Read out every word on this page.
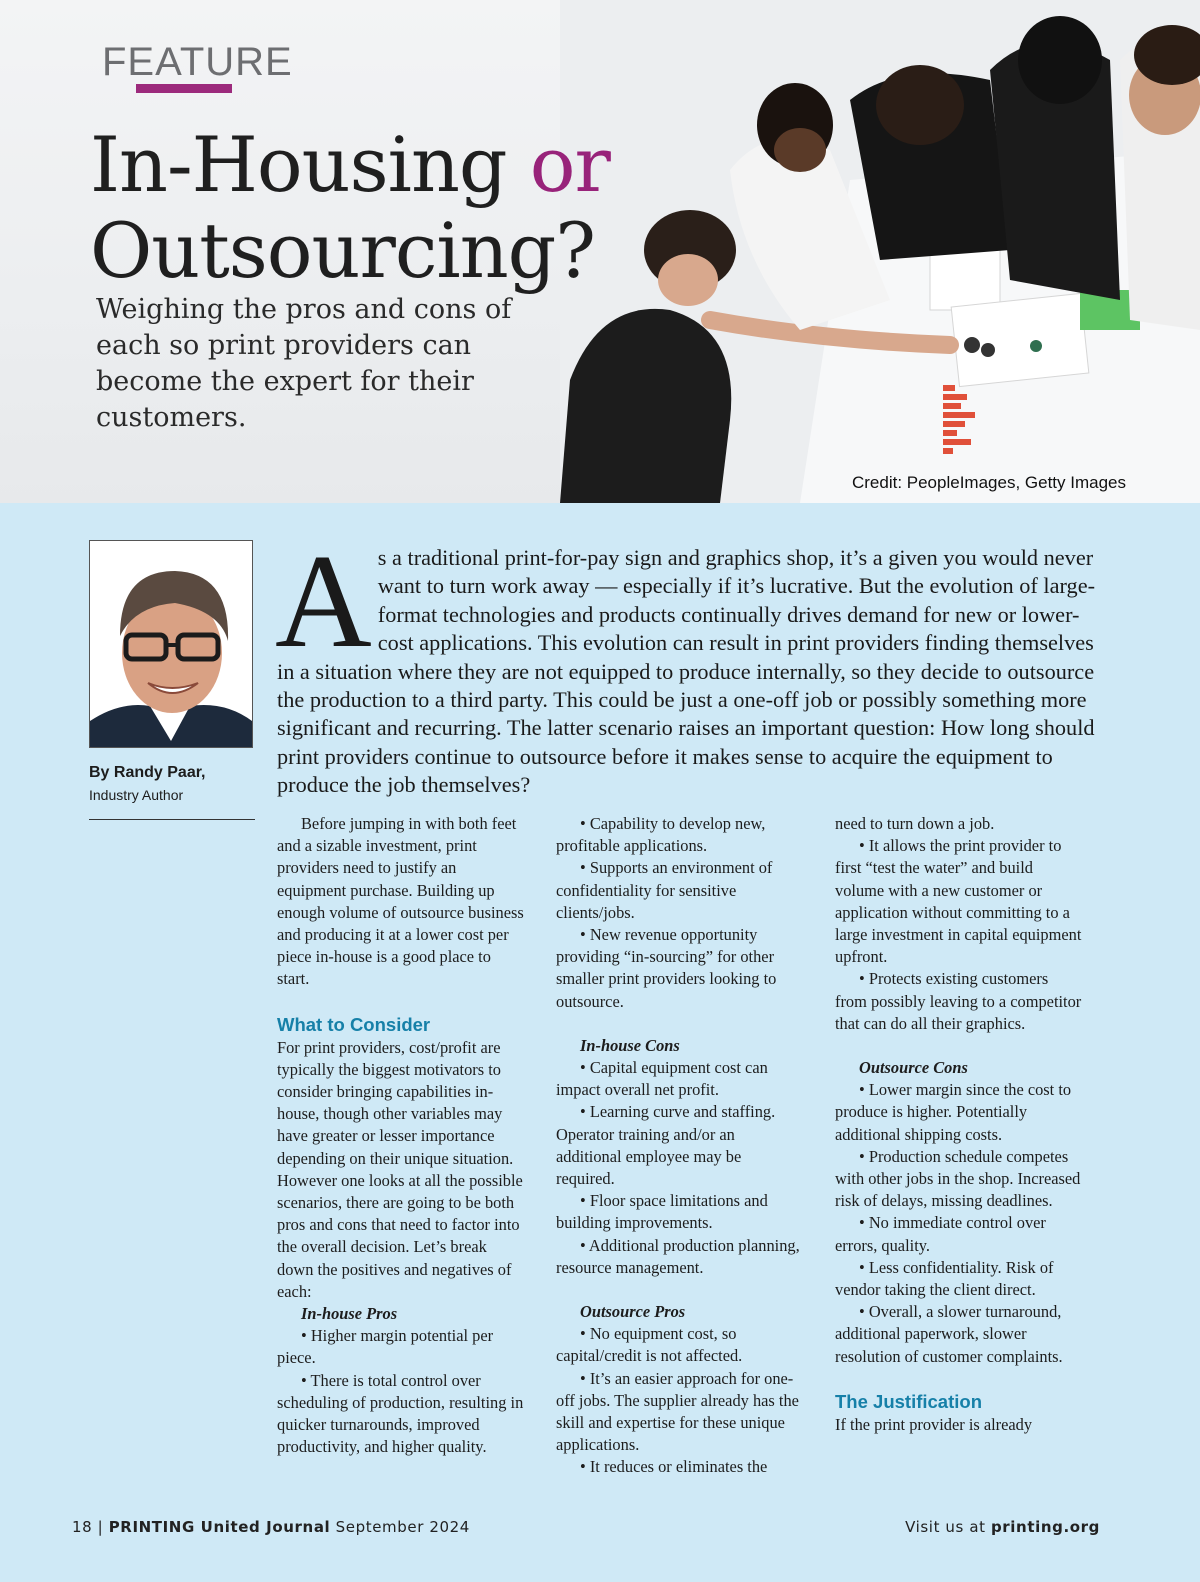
FEATURE
In-Housing or
Outsourcing?
Weighing the pros and cons of each so print providers can become the expert for their customers.
Credit: PeopleImages, Getty Images
By Randy Paar,
Industry Author
As a traditional print-for-pay sign and graphics shop, it’s a given you would never want to turn work away — especially if it’s lucrative. But the evolution of large-format technologies and products continually drives demand for new or lower-cost applications. This evolution can result in print providers finding themselves in a situation where they are not equipped to produce internally, so they decide to outsource the production to a third party. This could be just a one-off job or possibly something more significant and recurring. The latter scenario raises an important question: How long should print providers continue to outsource before it makes sense to acquire the equipment to produce the job themselves?

Before jumping in with both feet and a sizable investment, print providers need to justify an equipment purchase. Building up enough volume of outsource business and producing it at a lower cost per piece in-house is a good place to start.

What to Consider

For print providers, cost/profit are typically the biggest motivators to consider bringing capabilities in-house, though other variables may have greater or lesser importance depending on their unique situation. However one looks at all the possible scenarios, there are going to be both pros and cons that need to factor into the overall decision. Let’s break down the positives and negatives of each:

In-house Pros

• Higher margin potential per piece.

• There is total control over scheduling of production, resulting in quicker turnarounds, improved productivity, and higher quality.

• Capability to develop new, profitable applications.

• Supports an environment of confidentiality for sensitive clients/jobs.

• New revenue opportunity providing “in-sourcing” for other smaller print providers looking to outsource.

In-house Cons

• Capital equipment cost can impact overall net profit.

• Learning curve and staffing. Operator training and/or an additional employee may be required.

• Floor space limitations and building improvements.

• Additional production planning, resource management.

Outsource Pros

• No equipment cost, so capital/credit is not affected.

• It’s an easier approach for one-off jobs. The supplier already has the skill and expertise for these unique applications.

• It reduces or eliminates the

need to turn down a job.

• It allows the print provider to first “test the water” and build volume with a new customer or application without committing to a large investment in capital equipment upfront.

• Protects existing customers from possibly leaving to a competitor that can do all their graphics.

Outsource Cons

• Lower margin since the cost to produce is higher. Potentially additional shipping costs.

• Production schedule competes with other jobs in the shop. Increased risk of delays, missing deadlines.

• No immediate control over errors, quality.

• Less confidentiality. Risk of vendor taking the client direct.

• Overall, a slower turnaround, additional paperwork, slower resolution of customer complaints.

The Justification

If the print provider is already

18 | PRINTING United Journal September 2024	Visit us at printing.org
